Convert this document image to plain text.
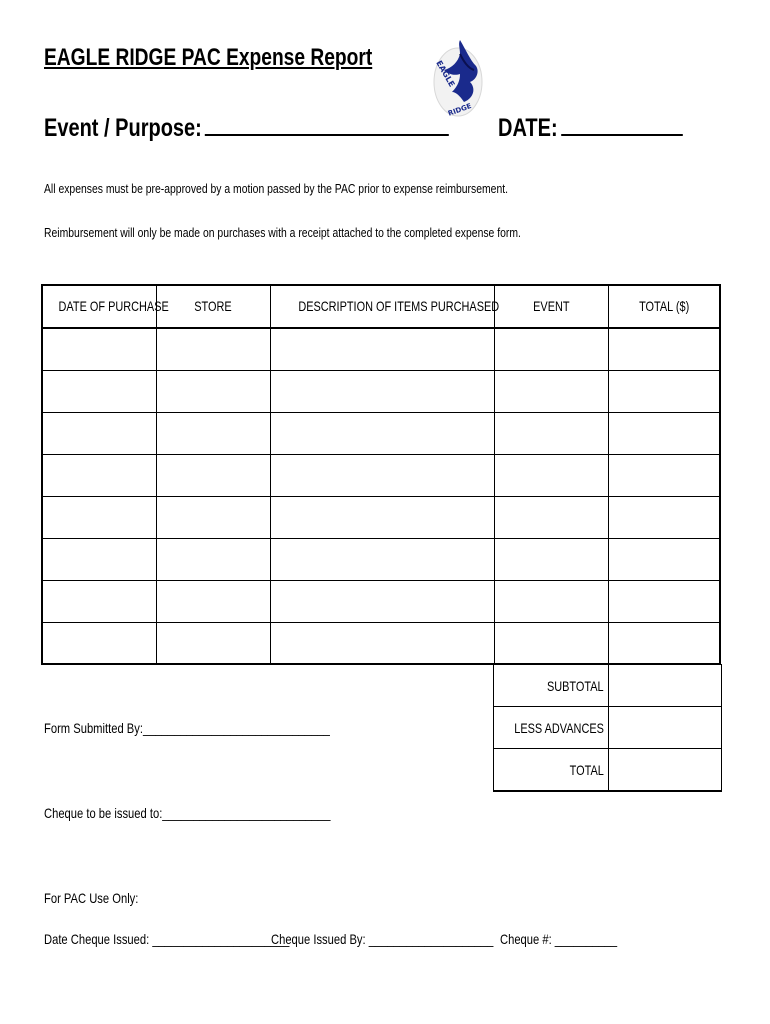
EAGLE RIDGE PAC Expense Report
EAGLE
RIDGE
Event / Purpose:	DATE:
All expenses must be pre-approved by a motion passed by the PAC prior to expense reimbursement.
Reimbursement will only be made on purchases with a receipt attached to the completed expense form.
DATE OF PURCHASE	STORE	DESCRIPTION OF ITEMS PURCHASED	EVENT	TOTAL ($)
SUBTOTAL
LESS ADVANCES
TOTAL
Form Submitted By:______________________________
Cheque to be issued to:___________________________
For PAC Use Only:
Date Cheque Issued: ______________________
Cheque Issued By: ____________________ Cheque #: __________
